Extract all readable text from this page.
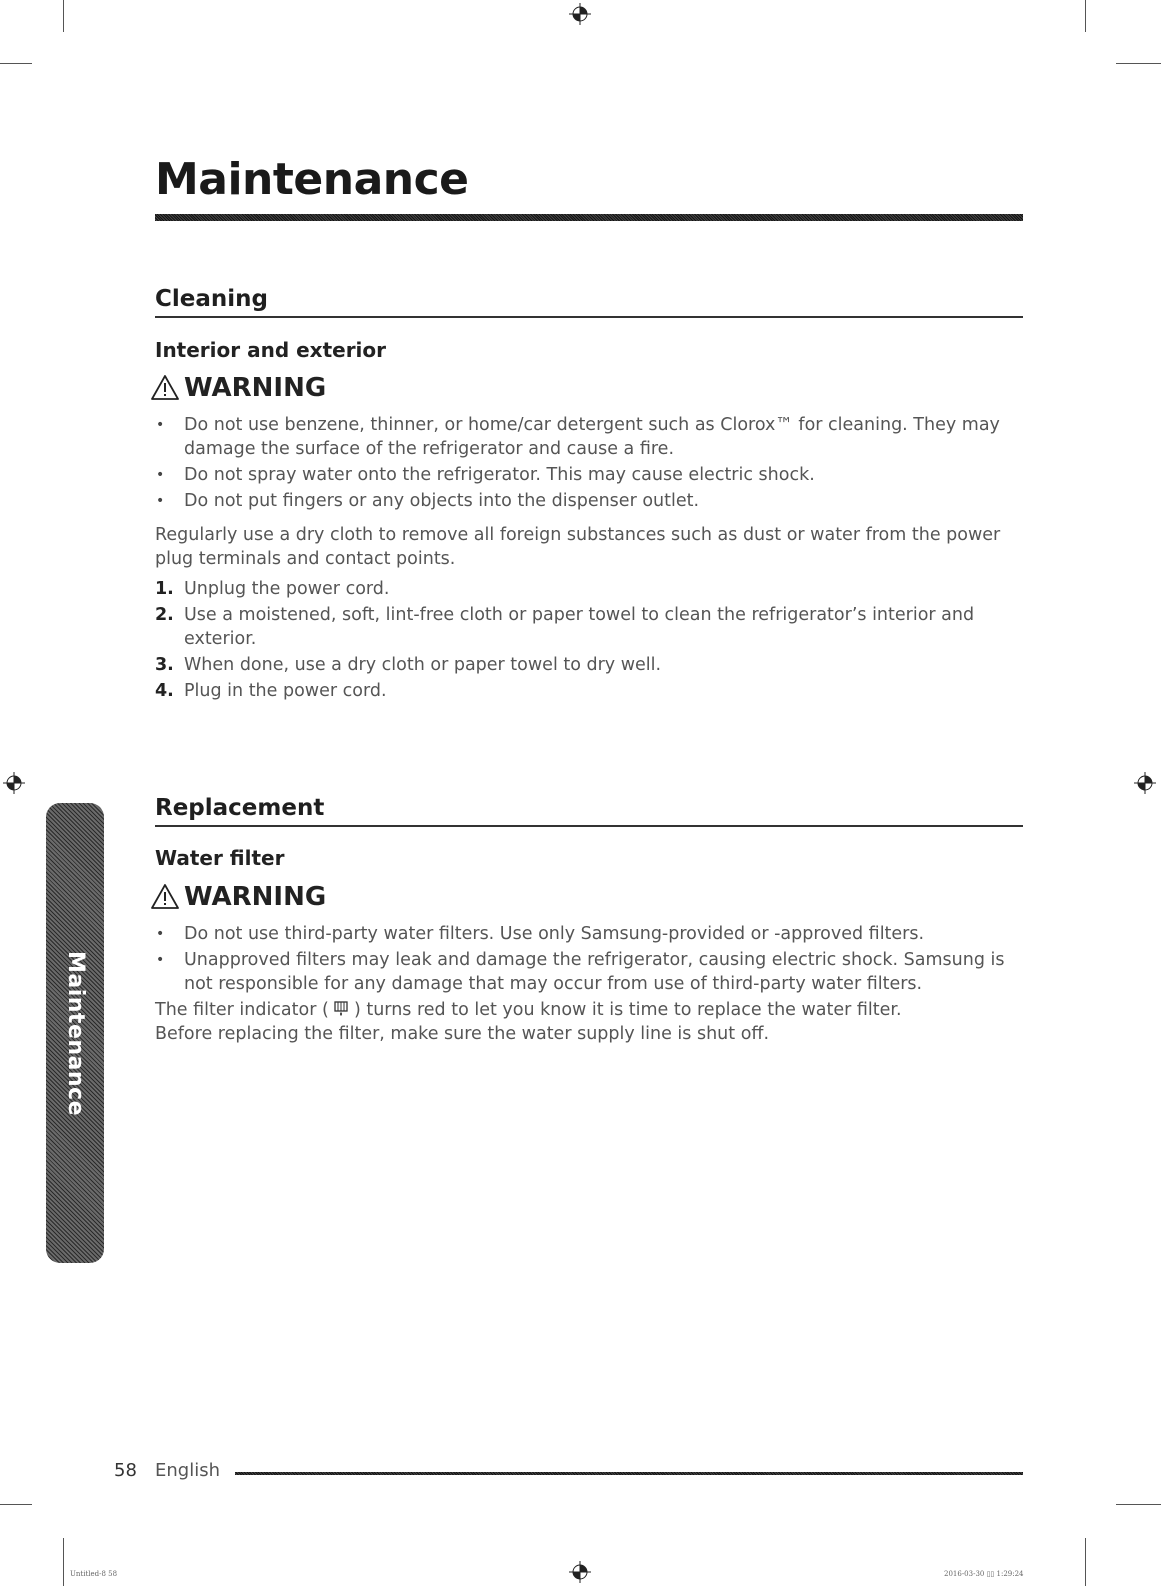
Maintenance
Cleaning
Interior and exterior
WARNING
• Do not use benzene, thinner, or home/car detergent such as Clorox™ for cleaning. They may damage the surface of the refrigerator and cause a fire.
• Do not spray water onto the refrigerator. This may cause electric shock.
• Do not put fingers or any objects into the dispenser outlet.

Regularly use a dry cloth to remove all foreign substances such as dust or water from the power plug terminals and contact points.

1. Unplug the power cord.
2. Use a moistened, soft, lint-free cloth or paper towel to clean the refrigerator’s interior and exterior.
3. When done, use a dry cloth or paper towel to dry well.
4. Plug in the power cord.
Replacement
Water filter
WARNING
• Do not use third-party water filters. Use only Samsung-provided or -approved filters.
• Unapproved filters may leak and damage the refrigerator, causing electric shock. Samsung is not responsible for any damage that may occur from use of third-party water filters.

The filter indicator ( ) turns red to let you know it is time to replace the water filter.

Before replacing the filter, make sure the water supply line is shut off.

Maintenance
58 English
Untitled-8 58	2016-03-30 ▯▯ 1:29:24
